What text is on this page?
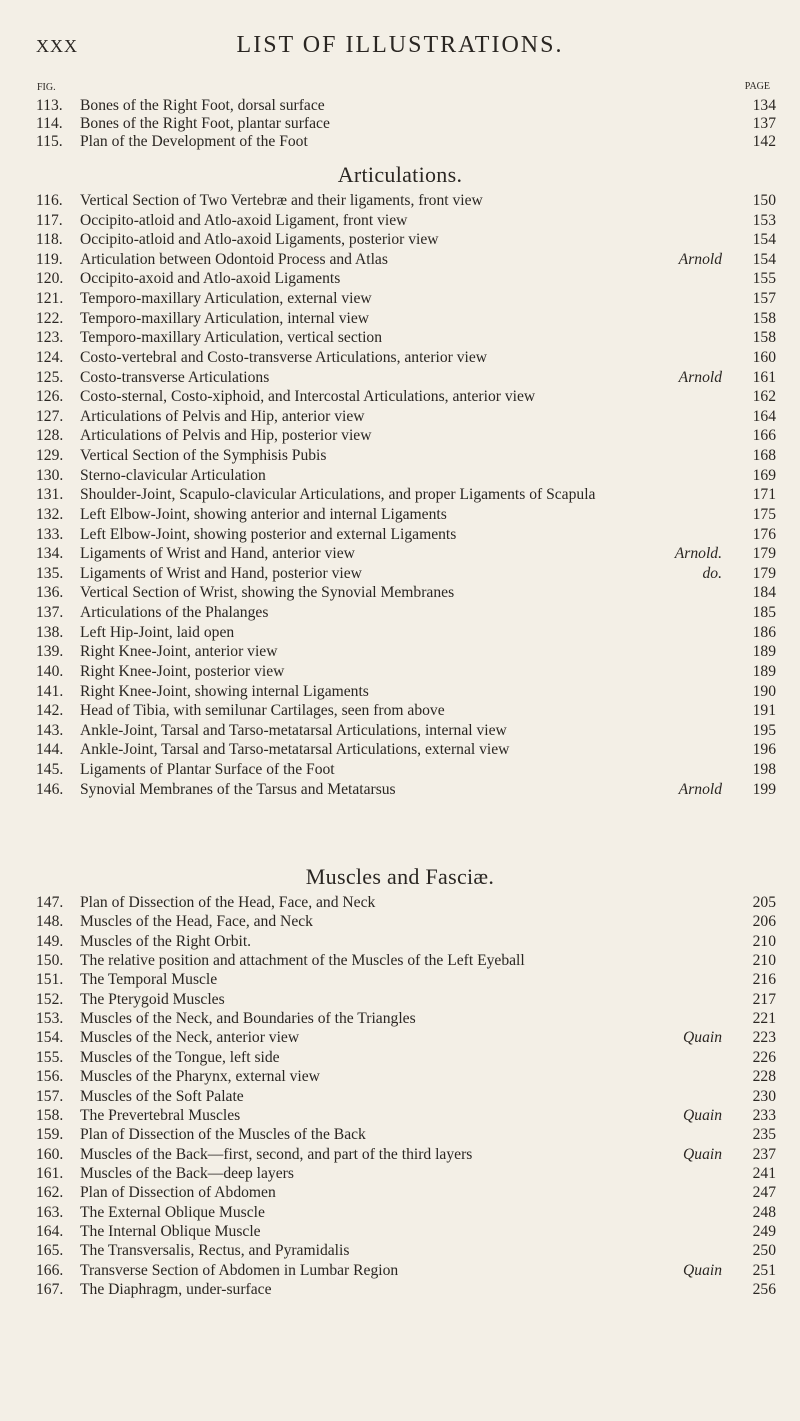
XXX	LIST OF ILLUSTRATIONS.
FIG.	PAGE
Articulations.
Muscles and Fasciæ.
113.	Bones of the Right Foot, dorsal surface	134
114.	Bones of the Right Foot, plantar surface	137
115.	Plan of the Development of the Foot	142
116.	Vertical Section of Two Vertebræ and their ligaments, front view	150
117.	Occipito-atloid and Atlo-axoid Ligament, front view	153
118.	Occipito-atloid and Atlo-axoid Ligaments, posterior view	154
119.	Articulation between Odontoid Process and Atlas	Arnold	154
120.	Occipito-axoid and Atlo-axoid Ligaments	155
121.	Temporo-maxillary Articulation, external view	157
122.	Temporo-maxillary Articulation, internal view	158
123.	Temporo-maxillary Articulation, vertical section	158
124.	Costo-vertebral and Costo-transverse Articulations, anterior view	160
125.	Costo-transverse Articulations	Arnold	161
126.	Costo-sternal, Costo-xiphoid, and Intercostal Articulations, anterior view	162
127.	Articulations of Pelvis and Hip, anterior view	164
128.	Articulations of Pelvis and Hip, posterior view	166
129.	Vertical Section of the Symphisis Pubis	168
130.	Sterno-clavicular Articulation	169
131.	Shoulder-Joint, Scapulo-clavicular Articulations, and proper Ligaments of Scapula	171
132.	Left Elbow-Joint, showing anterior and internal Ligaments	175
133.	Left Elbow-Joint, showing posterior and external Ligaments	176
134.	Ligaments of Wrist and Hand, anterior view	Arnold.	179
135.	Ligaments of Wrist and Hand, posterior view	do.	179
136.	Vertical Section of Wrist, showing the Synovial Membranes	184
137.	Articulations of the Phalanges	185
138.	Left Hip-Joint, laid open	186
139.	Right Knee-Joint, anterior view	189
140.	Right Knee-Joint, posterior view	189
141.	Right Knee-Joint, showing internal Ligaments	190
142.	Head of Tibia, with semilunar Cartilages, seen from above	191
143.	Ankle-Joint, Tarsal and Tarso-metatarsal Articulations, internal view	195
144.	Ankle-Joint, Tarsal and Tarso-metatarsal Articulations, external view	196
145.	Ligaments of Plantar Surface of the Foot	198
146.	Synovial Membranes of the Tarsus and Metatarsus	Arnold	199
147.	Plan of Dissection of the Head, Face, and Neck	205
148.	Muscles of the Head, Face, and Neck	206
149.	Muscles of the Right Orbit.	210
150.	The relative position and attachment of the Muscles of the Left Eyeball	210
151.	The Temporal Muscle	216
152.	The Pterygoid Muscles	217
153.	Muscles of the Neck, and Boundaries of the Triangles	221
154.	Muscles of the Neck, anterior view	Quain	223
155.	Muscles of the Tongue, left side	226
156.	Muscles of the Pharynx, external view	228
157.	Muscles of the Soft Palate	230
158.	The Prevertebral Muscles	Quain	233
159.	Plan of Dissection of the Muscles of the Back	235
160.	Muscles of the Back—first, second, and part of the third layers	Quain	237
161.	Muscles of the Back—deep layers	241
162.	Plan of Dissection of Abdomen	247
163.	The External Oblique Muscle	248
164.	The Internal Oblique Muscle	249
165.	The Transversalis, Rectus, and Pyramidalis	250
166.	Transverse Section of Abdomen in Lumbar Region	Quain	251
167.	The Diaphragm, under-surface	256
